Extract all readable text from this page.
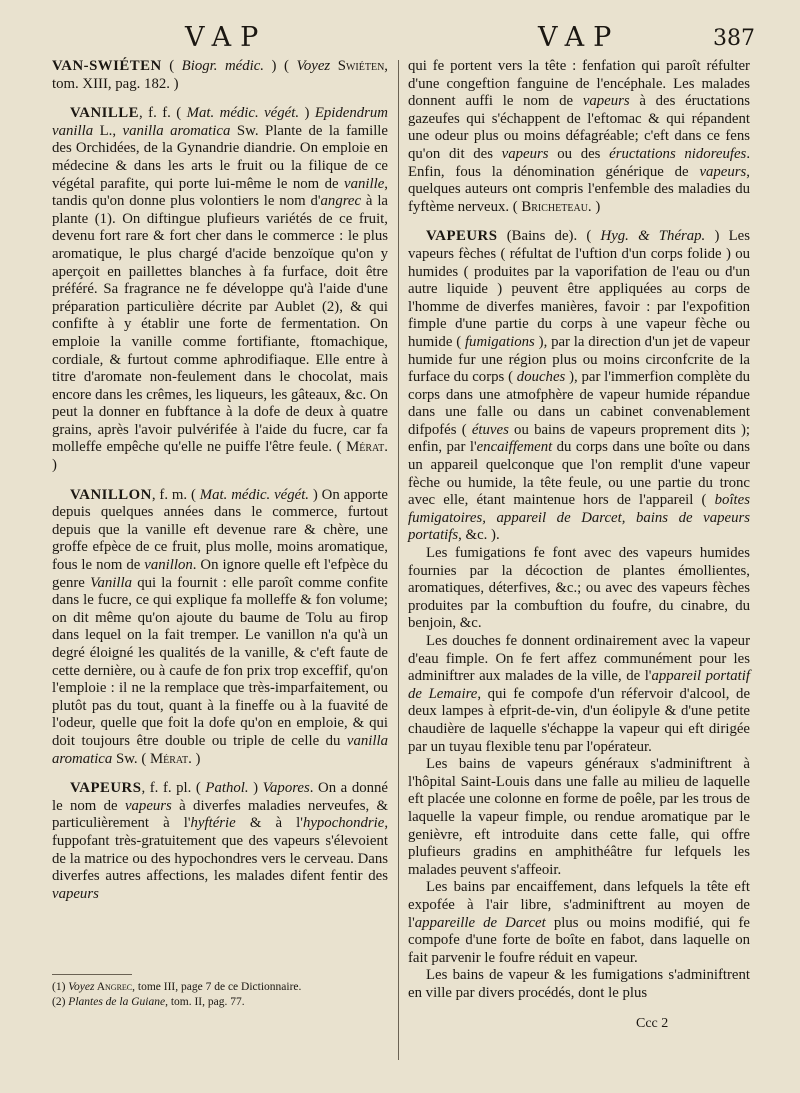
VAP	VAP	387

VAN-SWIÉTEN ( Biogr. médic. ) ( Voyez Swiéten, tom. XIII, pag. 182. )

VANILLE, f. f. ( Mat. médic. végét. ) Epidendrum vanilla L., vanilla aromatica Sw. Plante de la famille des Orchidées, de la Gynandrie diandrie. On emploie en médecine & dans les arts le fruit ou la filique de ce végétal parafite, qui porte lui-même le nom de vanille, tandis qu'on donne plus volontiers le nom d'angrec à la plante (1). On diftingue plufieurs variétés de ce fruit, devenu fort rare & fort cher dans le commerce : le plus aromatique, le plus chargé d'acide benzoïque qu'on y aperçoit en paillettes blanches à fa furface, doit être préféré. Sa fragrance ne fe développe qu'à l'aide d'une préparation particulière décrite par Aublet (2), & qui confifte à y établir une forte de fermentation. On emploie la vanille comme fortifiante, ftomachique, cordiale, & furtout comme aphrodifiaque. Elle entre à titre d'aromate non-feulement dans le chocolat, mais encore dans les crêmes, les liqueurs, les gâteaux, &c. On peut la donner en fubftance à la dofe de deux à quatre grains, après l'avoir pulvérifée à l'aide du fucre, car fa molleffe empêche qu'elle ne puiffe l'être feule. ( Mérat. )

VANILLON, f. m. ( Mat. médic. végét. ) On apporte depuis quelques années dans le commerce, furtout depuis que la vanille eft devenue rare & chère, une groffe efpèce de ce fruit, plus molle, moins aromatique, fous le nom de vanillon. On ignore quelle eft l'efpèce du genre Vanilla qui la fournit : elle paroît comme confite dans le fucre, ce qui explique fa molleffe & fon volume; on dit même qu'on ajoute du baume de Tolu au firop dans lequel on la fait tremper. Le vanillon n'a qu'à un degré éloigné les qualités de la vanille, & c'eft faute de cette dernière, ou à caufe de fon prix trop exceffif, qu'on l'emploie : il ne la remplace que très-imparfaitement, ou plutôt pas du tout, quant à la fineffe ou à la fuavité de l'odeur, quelle que foit la dofe qu'on en emploie, & qui doit toujours être double ou triple de celle du vanilla aromatica Sw. ( Mérat. )

VAPEURS, f. f. pl. ( Pathol. ) Vapores. On a donné le nom de vapeurs à diverfes maladies nerveufes, & particulièrement à l'hyftérie & à l'hypochondrie, fuppofant très-gratuitement que des vapeurs s'élevoient de la matrice ou des hypochondres vers le cerveau. Dans diverfes autres affections, les malades difent fentir des vapeurs

(1) Voyez Angrec, tome III, page 7 de ce Dictionnaire.
(2) Plantes de la Guiane, tom. II, pag. 77.

qui fe portent vers la tête : fenfation qui paroît réfulter d'une congeftion fanguine de l'encéphale. Les malades donnent auffi le nom de vapeurs à des éructations gazeufes qui s'échappent de l'eftomac & qui répandent une odeur plus ou moins défagréable; c'eft dans ce fens qu'on dit des vapeurs ou des éructations nidoreufes. Enfin, fous la dénomination générique de vapeurs, quelques auteurs ont compris l'enfemble des maladies du fyftème nerveux. ( Bricheteau. )

VAPEURS (Bains de). ( Hyg. & Thérap. ) Les vapeurs fèches ( réfultat de l'uftion d'un corps folide ) ou humides ( produites par la vaporifation de l'eau ou d'un autre liquide ) peuvent être appliquées au corps de l'homme de diverfes manières, favoir : par l'expofition fimple d'une partie du corps à une vapeur fèche ou humide ( fumigations ), par la direction d'un jet de vapeur humide fur une région plus ou moins circonfcrite de la furface du corps ( douches ), par l'immerfion complète du corps dans une atmofphère de vapeur humide répandue dans une falle ou dans un cabinet convenablement difpofés ( étuves ou bains de vapeurs proprement dits ); enfin, par l'encaiffement du corps dans une boîte ou dans un appareil quelconque que l'on remplit d'une vapeur fèche ou humide, la tête feule, ou une partie du tronc avec elle, étant maintenue hors de l'appareil ( boîtes fumigatoires, appareil de Darcet, bains de vapeurs portatifs, &c. ).

Les fumigations fe font avec des vapeurs humides fournies par la décoction de plantes émollientes, aromatiques, déterfives, &c.; ou avec des vapeurs fèches produites par la combuftion du foufre, du cinabre, du benjoin, &c.

Les douches fe donnent ordinairement avec la vapeur d'eau fimple. On fe fert affez communément pour les adminiftrer aux malades de la ville, de l'appareil portatif de Lemaire, qui fe compofe d'un réfervoir d'alcool, de deux lampes à efprit-de-vin, d'un éolipyle & d'une petite chaudière de laquelle s'échappe la vapeur qui eft dirigée par un tuyau flexible tenu par l'opérateur.

Les bains de vapeurs généraux s'adminiftrent à l'hôpital Saint-Louis dans une falle au milieu de laquelle eft placée une colonne en forme de poêle, par les trous de laquelle la vapeur fimple, ou rendue aromatique par le genièvre, eft introduite dans cette falle, qui offre plufieurs gradins en amphithéâtre fur lefquels les malades peuvent s'affeoir.

Les bains par encaiffement, dans lefquels la tête eft expofée à l'air libre, s'adminiftrent au moyen de l'appareille de Darcet plus ou moins modifié, qui fe compofe d'une forte de boîte en fabot, dans laquelle on fait parvenir le foufre réduit en vapeur.

Les bains de vapeur & les fumigations s'adminiftrent en ville par divers procédés, dont le plus

Ccc 2
